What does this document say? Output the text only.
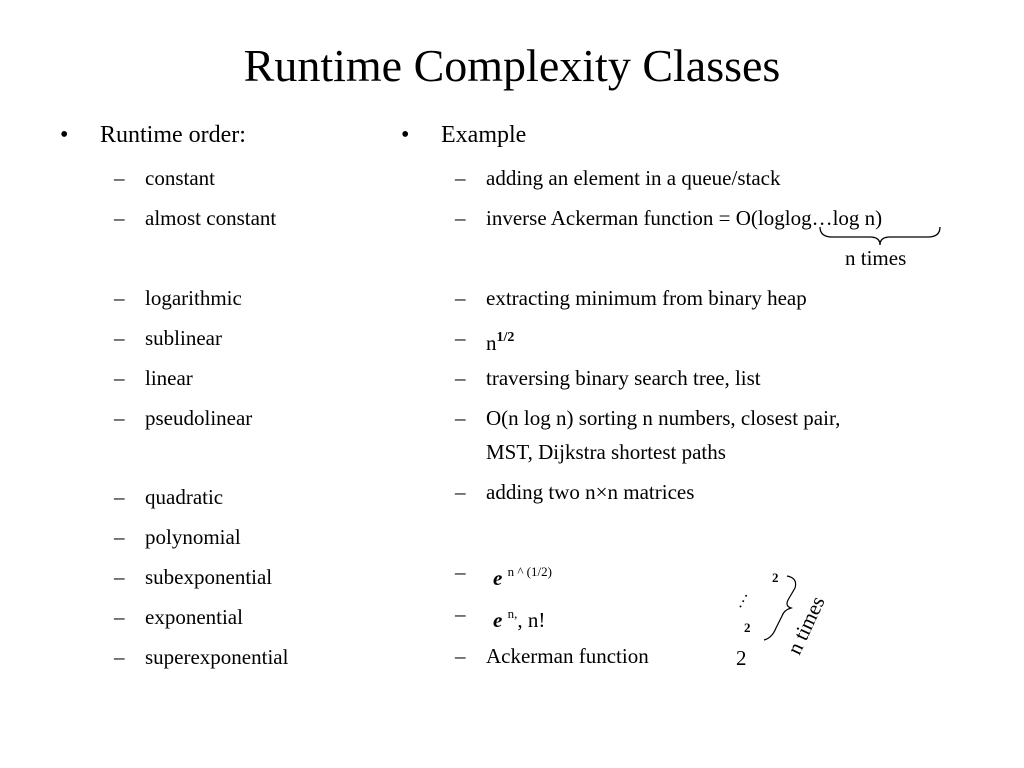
Runtime Complexity Classes
• Runtime order:
– constant
– almost constant
– logarithmic
– sublinear
– linear
– pseudolinear
– quadratic
– polynomial
– subexponential
– exponential
– superexponential
• Example
– adding an element in a queue/stack
– inverse Ackerman function = O(loglog…log n)
n times
– extracting minimum from binary heap
– $n^{1/2}$
– traversing binary search tree, list
– O(n log n) sorting n numbers, closest pair,
MST, Dijkstra shortest paths
– adding two n×n matrices
– e $^{n \^{} (1/2)}$
– e $^{n,}$, n!
– Ackerman function	2
2
. . .
2
n times
